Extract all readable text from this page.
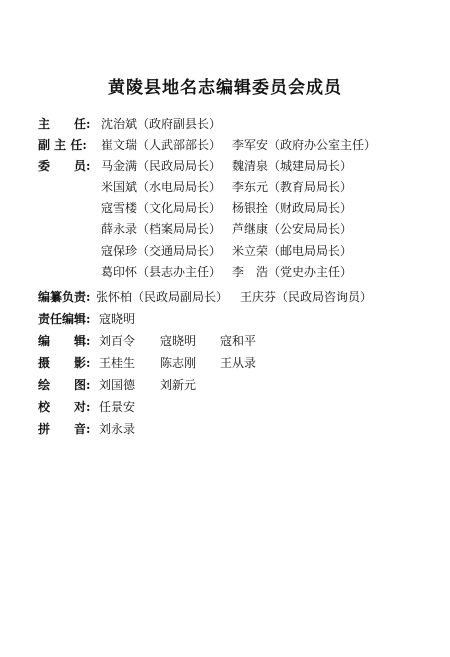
黄陵县地名志编辑委员会成员
主　　任: 沈治斌（政府副县长）
副 主 任: 崔文瑞（人武部部长） 李军安（政府办公室主任）
委　　员: 马金满（民政局局长） 魏清泉（城建局局长）
米国斌（水电局局长） 李东元（教育局局长）
寇雪楼（文化局局长） 杨银拴（财政局局长）
薛永录（档案局局长） 芦继康（公安局局长）
寇保珍（交通局局长） 米立荣（邮电局局长）
葛印怀（县志办主任） 李　浩（党史办主任）
编纂负责: 张怀柏（民政局副局长） 王庆芬（民政局咨询员）
责任编辑: 寇晓明
编　　辑: 刘百令 寇晓明 寇和平
摄　　影: 王桂生 陈志刚 王从录
绘　　图: 刘国德 刘新元
校　　对: 任景安
拼　　音: 刘永录
